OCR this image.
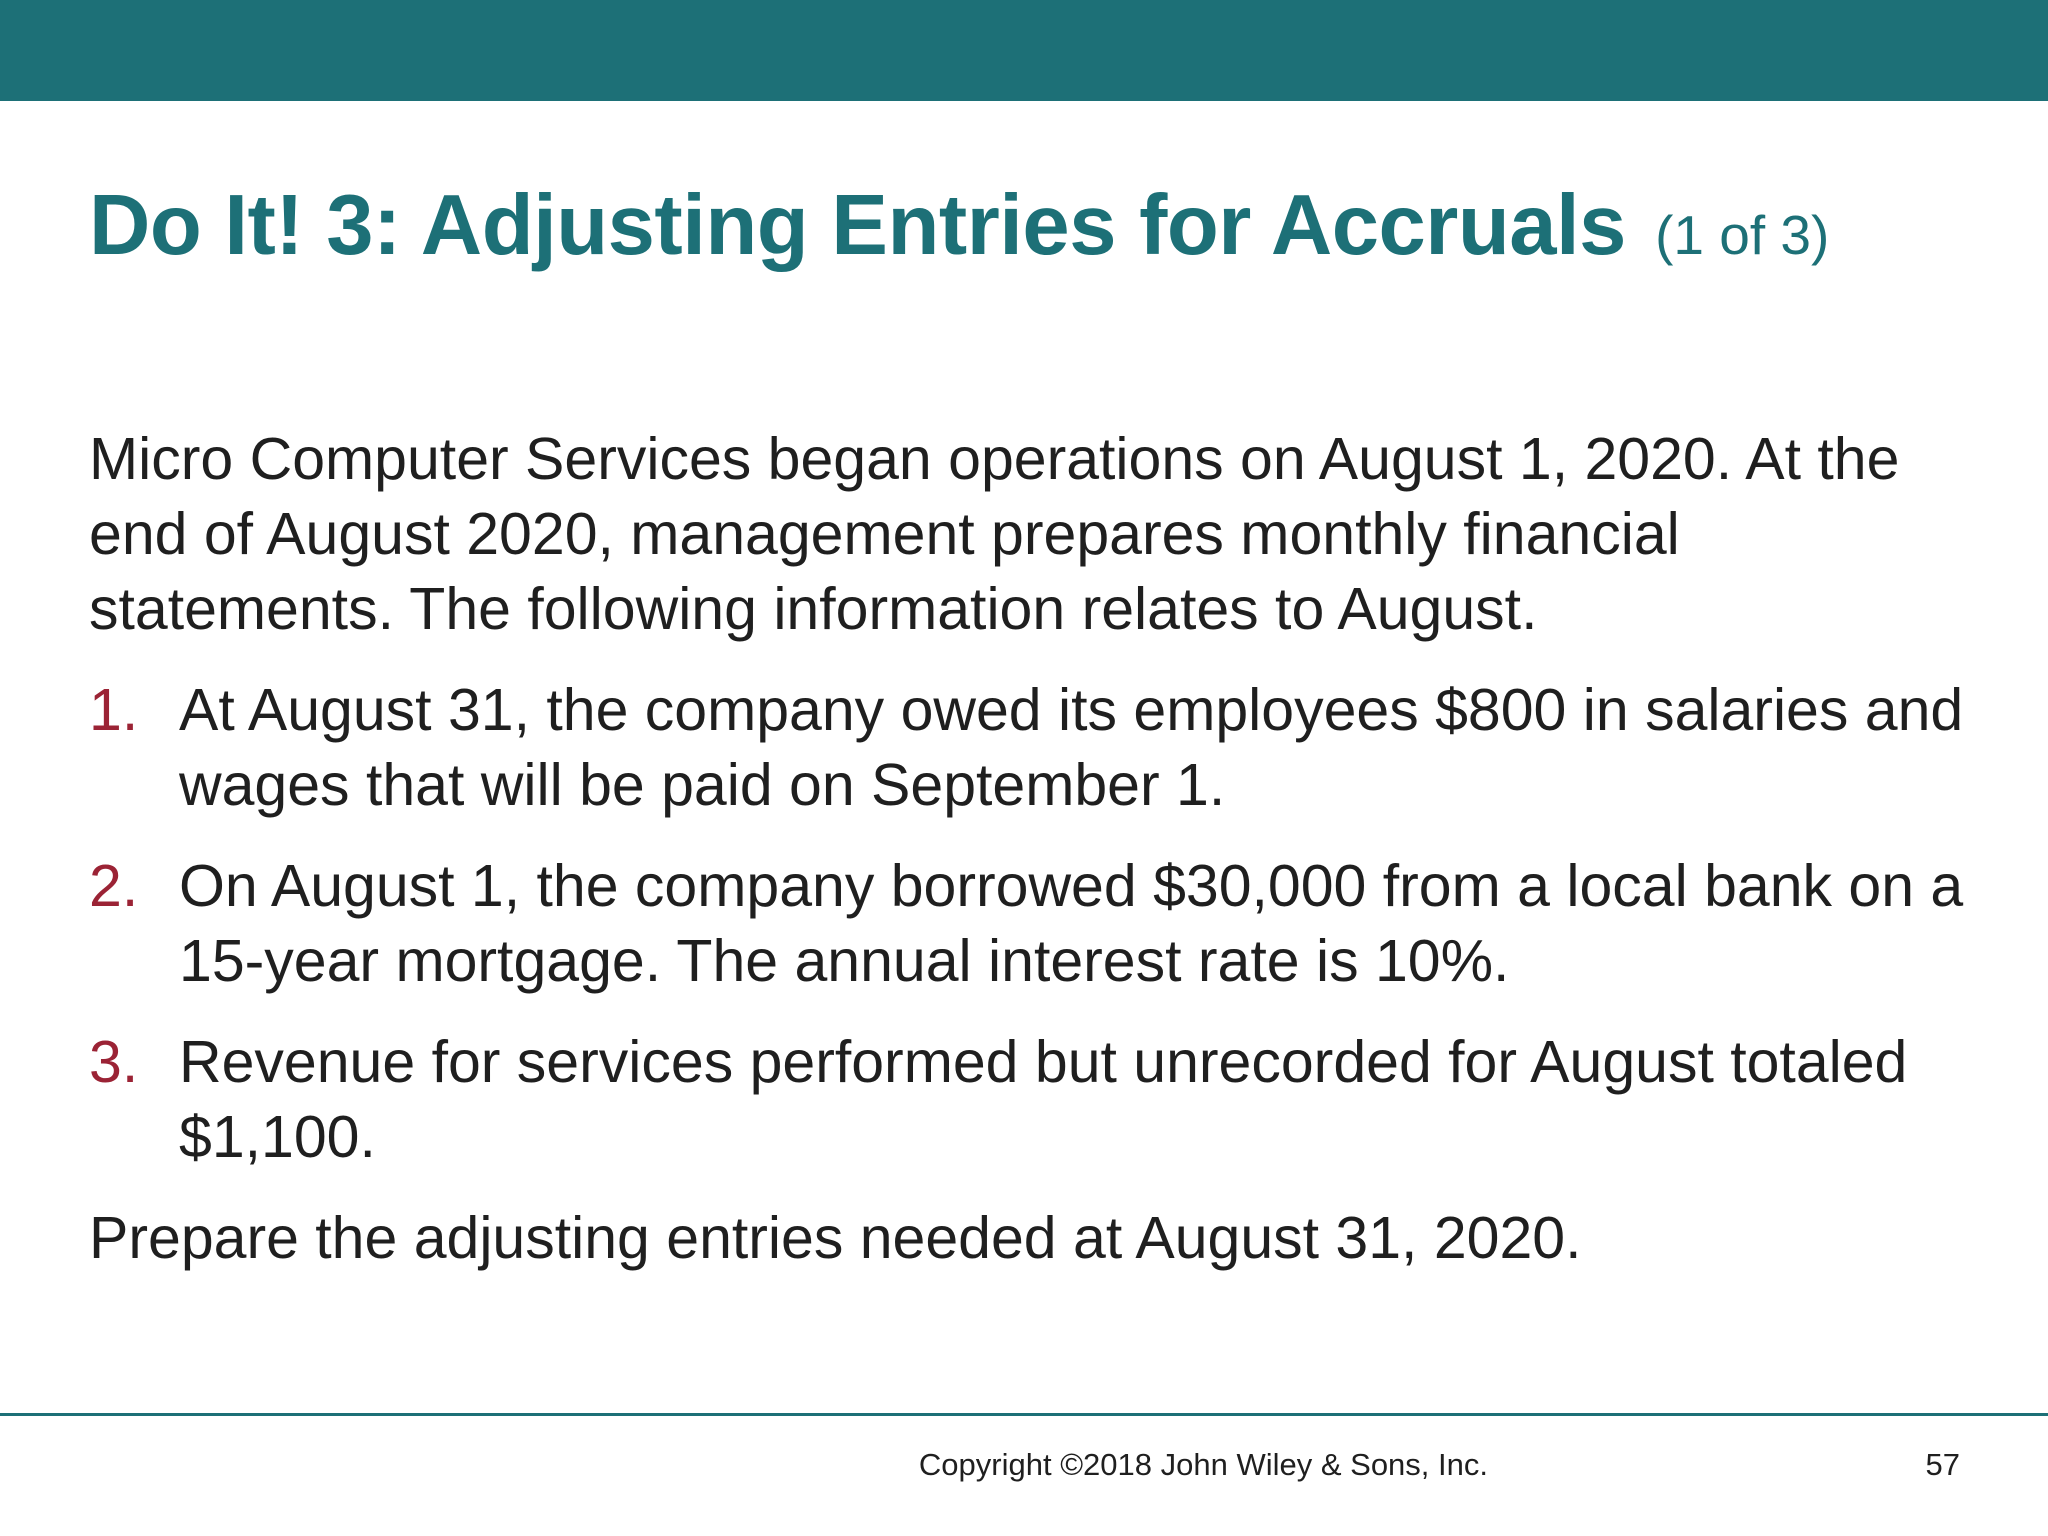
Do It! 3: Adjusting Entries for Accruals (1 of 3)

Micro Computer Services began operations on August 1, 2020. At the end of August 2020, management prepares monthly financial statements. The following information relates to August.

1. At August 31, the company owed its employees $800 in salaries and wages that will be paid on September 1.
2. On August 1, the company borrowed $30,000 from a local bank on a 15-year mortgage. The annual interest rate is 10%.
3. Revenue for services performed but unrecorded for August totaled $1,100.

Prepare the adjusting entries needed at August 31, 2020.

Copyright ©2018 John Wiley & Sons, Inc.	57
